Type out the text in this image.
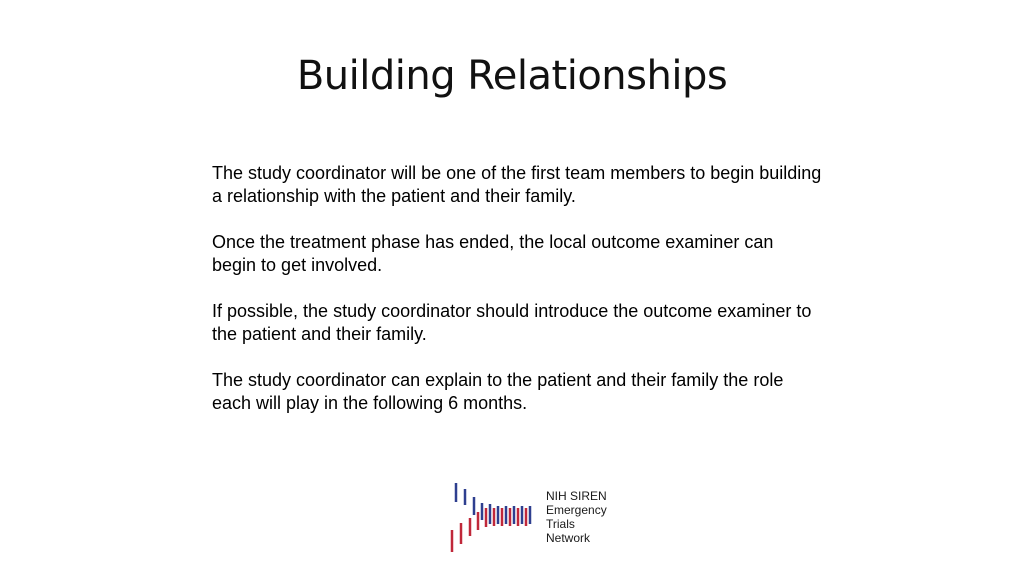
Building Relationships

The study coordinator will be one of the first team members to begin building a relationship with the patient and their family.

Once the treatment phase has ended, the local outcome examiner can begin to get involved.

If possible, the study coordinator should introduce the outcome examiner to the patient and their family.

The study coordinator can explain to the patient and their family the role each will play in the following 6 months.

NIH SIREN
Emergency
Trials
Network
